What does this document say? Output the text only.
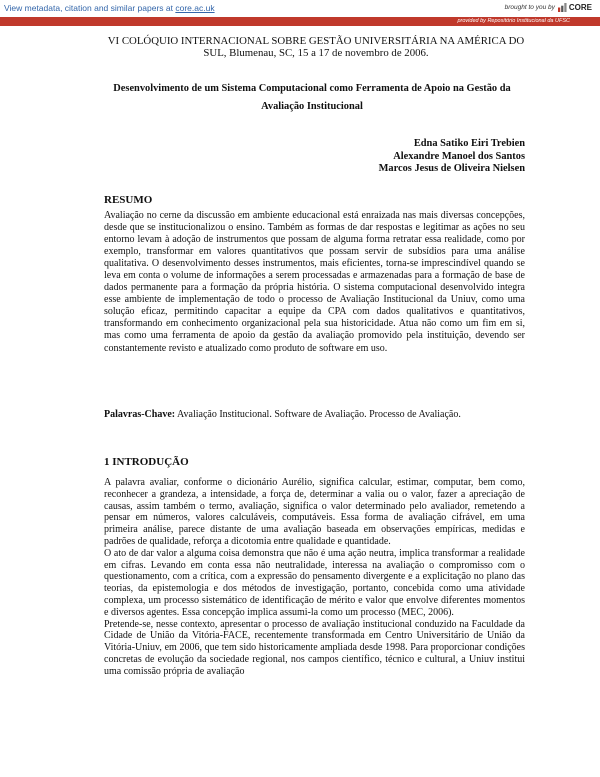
View metadata, citation and similar papers at core.ac.uk	brought to you by CORE
provided by Repositório Institucional da UFSC
VI COLÓQUIO INTERNACIONAL SOBRE GESTÃO UNIVERSITÁRIA NA AMÉRICA DO SUL, Blumenau, SC, 15 a 17 de novembro de 2006.
Desenvolvimento de um Sistema Computacional como Ferramenta de Apoio na Gestão da Avaliação Institucional
Edna Satiko Eiri Trebien
Alexandre Manoel dos Santos
Marcos Jesus de Oliveira Nielsen
RESUMO
Avaliação no cerne da discussão em ambiente educacional está enraizada nas mais diversas concepções, desde que se institucionalizou o ensino. Também as formas de dar respostas e legitimar as ações no seu entorno levam à adoção de instrumentos que possam de alguma forma retratar essa realidade, como por exemplo, transformar em valores quantitativos que possam servir de subsídios para uma análise qualitativa. O desenvolvimento desses instrumentos, mais eficientes, torna-se imprescindível quando se leva em conta o volume de informações a serem processadas e armazenadas para a formação de base de dados permanente para a formação da própria história. O sistema computacional desenvolvido integra esse ambiente de implementação de todo o processo de Avaliação Institucional da Uniuv, como uma solução eficaz, permitindo capacitar a equipe da CPA com dados qualitativos e quantitativos, transformando em conhecimento organizacional pela sua historicidade. Atua não como um fim em si, mas como uma ferramenta de apoio da gestão da avaliação promovido pela instituição, devendo ser constantemente revisto e atualizado como produto de software em uso.
Palavras-Chave: Avaliação Institucional. Software de Avaliação. Processo de Avaliação.
1 INTRODUÇÃO

A palavra avaliar, conforme o dicionário Aurélio, significa calcular, estimar, computar, bem como, reconhecer a grandeza, a intensidade, a força de, determinar a valia ou o valor, fazer a apreciação de causas, assim também o termo, avaliação, significa o valor determinado pelo avaliador, remetendo a pensar em números, valores calculáveis, computáveis. Essa forma de avaliação cifrável, em uma primeira análise, parece distante de uma avaliação baseada em observações empíricas, medidas e padrões de qualidade, reforça a dicotomia entre qualidade e quantidade.

O ato de dar valor a alguma coisa demonstra que não é uma ação neutra, implica transformar a realidade em cifras. Levando em conta essa não neutralidade, interessa na avaliação o compromisso com o questionamento, com a crítica, com a expressão do pensamento divergente e a explicitação no plano das teorias, da epistemologia e dos métodos de investigação, portanto, concebida como uma atividade complexa, um processo sistemático de identificação de mérito e valor que envolve diferentes momentos e diversos agentes. Essa concepção implica assumi-la como um processo (MEC, 2006).

Pretende-se, nesse contexto, apresentar o processo de avaliação institucional conduzido na Faculdade da Cidade de União da Vitória-FACE, recentemente transformada em Centro Universitário de União da Vitória-Uniuv, em 2006, que tem sido historicamente ampliada desde 1998. Para proporcionar condições concretas de evolução da sociedade regional, nos campos científico, técnico e cultural, a Uniuv institui uma comissão própria de avaliação
